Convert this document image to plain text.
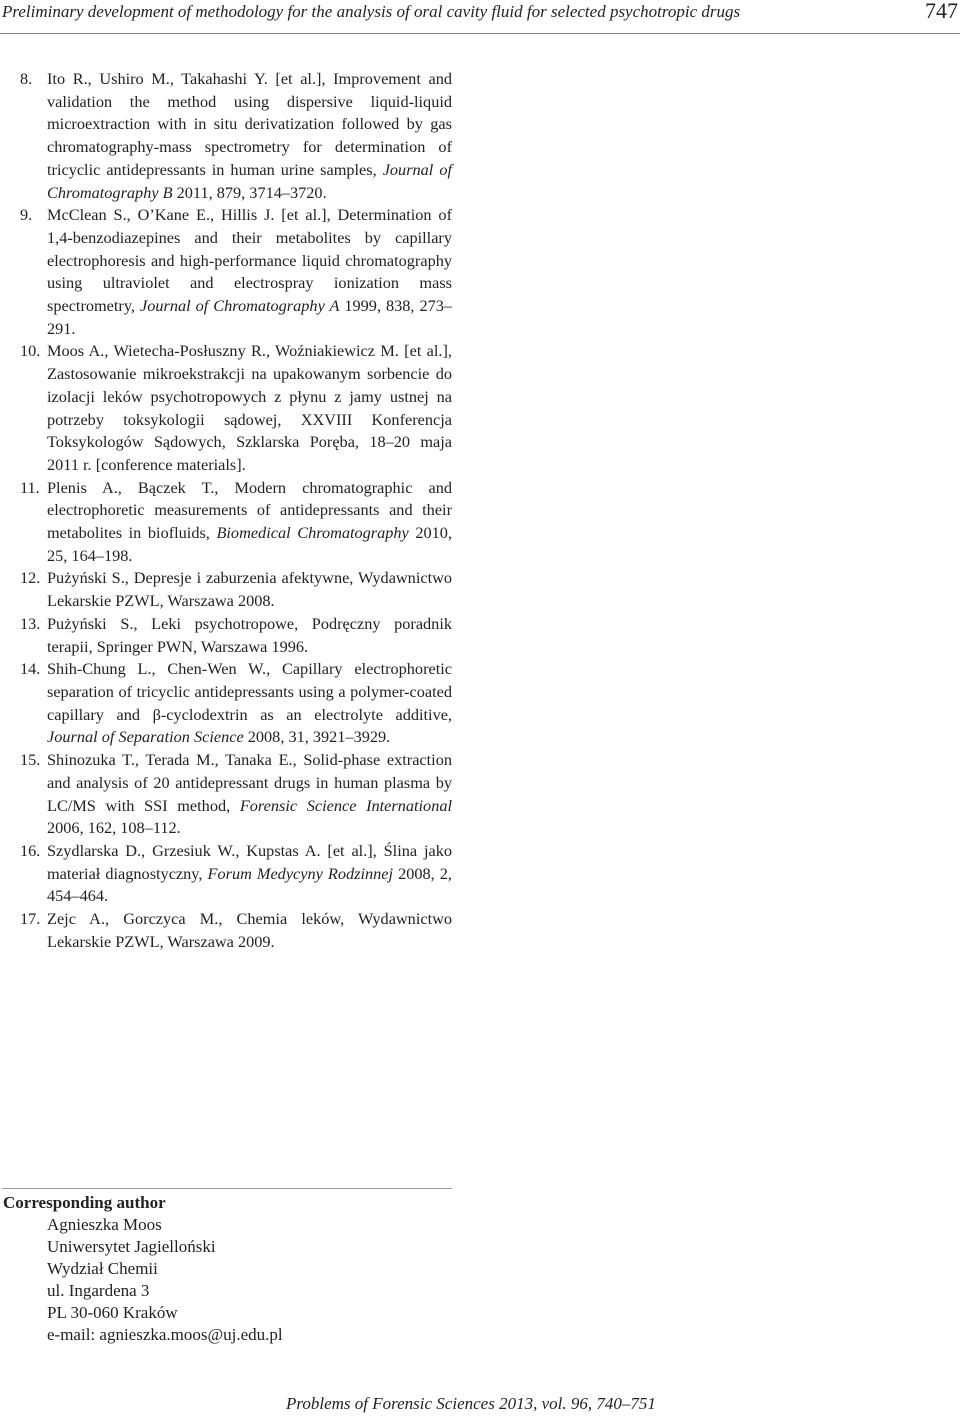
Preliminary development of methodology for the analysis of oral cavity fluid for selected psychotropic drugs	747
8. Ito R., Ushiro M., Takahashi Y. [et al.], Improvement and validation the method using dispersive liquid-liquid microextraction with in situ derivatization followed by gas chromatography-mass spectrometry for determination of tricyclic antidepressants in human urine samples, Journal of Chromatography B 2011, 879, 3714–3720.
9. McClean S., O’Kane E., Hillis J. [et al.], Determination of 1,4-benzodiazepines and their metabolites by capillary electrophoresis and high-performance liquid chromatography using ultraviolet and electrospray ionization mass spectrometry, Journal of Chromatography A 1999, 838, 273–291.
10. Moos A., Wietecha-Posłuszny R., Woźniakiewicz M. [et al.], Zastosowanie mikroekstrakcji na upakowanym sorbencie do izolacji leków psychotropowych z płynu z jamy ustnej na potrzeby toksykologii sądowej, XXVIII Konferencja Toksykologów Sądowych, Szklarska Poręba, 18–20 maja 2011 r. [conference materials].
11. Plenis A., Bączek T., Modern chromatographic and electrophoretic measurements of antidepressants and their metabolites in biofluids, Biomedical Chromatography 2010, 25, 164–198.
12. Pużyński S., Depresje i zaburzenia afektywne, Wydawnictwo Lekarskie PZWL, Warszawa 2008.
13. Pużyński S., Leki psychotropowe, Podręczny poradnik terapii, Springer PWN, Warszawa 1996.
14. Shih-Chung L., Chen-Wen W., Capillary electrophoretic separation of tricyclic antidepressants using a polymer-coated capillary and β-cyclodextrin as an electrolyte additive, Journal of Separation Science 2008, 31, 3921–3929.
15. Shinozuka T., Terada M., Tanaka E., Solid-phase extraction and analysis of 20 antidepressant drugs in human plasma by LC/MS with SSI method, Forensic Science International 2006, 162, 108–112.
16. Szydlarska D., Grzesiuk W., Kupstas A. [et al.], Ślina jako materiał diagnostyczny, Forum Medycyny Rodzinnej 2008, 2, 454–464.
17. Zejc A., Gorczyca M., Chemia leków, Wydawnictwo Lekarskie PZWL, Warszawa 2009.
Corresponding author
Agnieszka Moos
Uniwersytet Jagielloński
Wydział Chemii
ul. Ingardena 3
PL 30-060 Kraków
e-mail: agnieszka.moos@uj.edu.pl
Problems of Forensic Sciences 2013, vol. 96, 740–751
